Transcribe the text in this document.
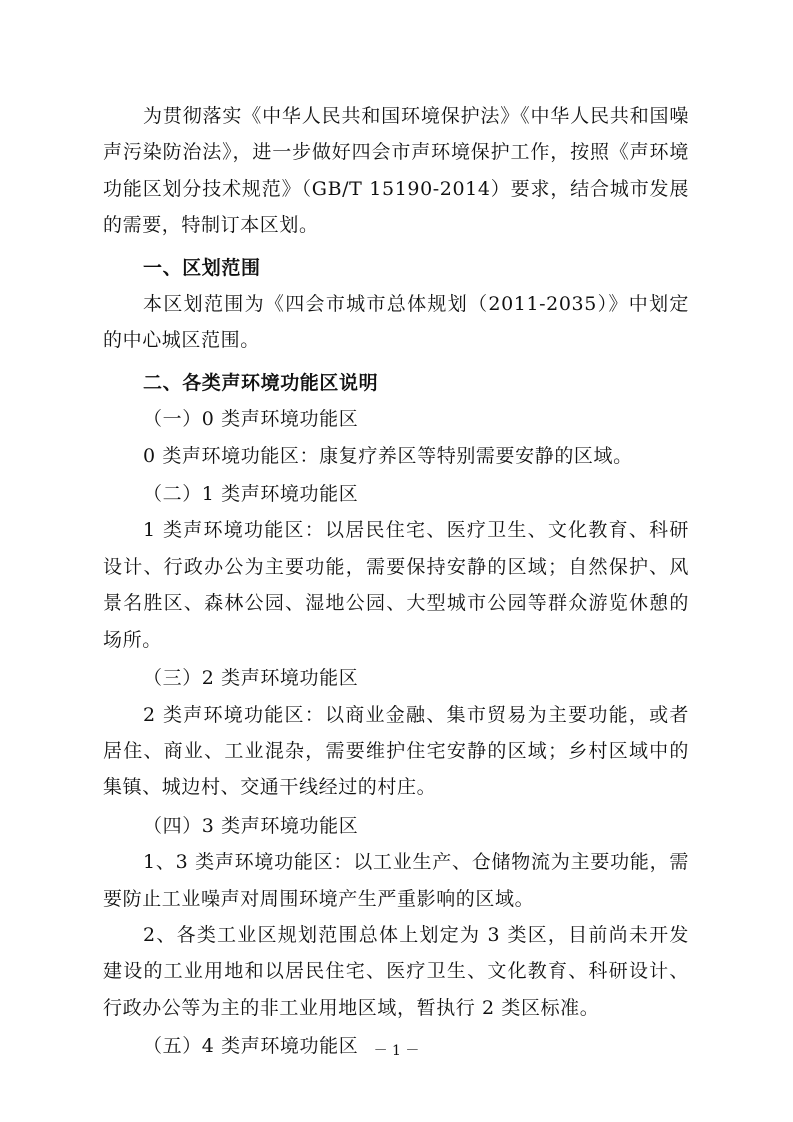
为贯彻落实《中华人民共和国环境保护法》《中华人民共和国噪声污染防治法》，进一步做好四会市声环境保护工作，按照《声环境功能区划分技术规范》（GB/T 15190-2014）要求，结合城市发展的需要，特制订本区划。

一、区划范围

本区划范围为《四会市城市总体规划（2011-2035）》中划定的中心城区范围。

二、各类声环境功能区说明

（一）0 类声环境功能区

0 类声环境功能区：康复疗养区等特别需要安静的区域。

（二）1 类声环境功能区

1 类声环境功能区：以居民住宅、医疗卫生、文化教育、科研设计、行政办公为主要功能，需要保持安静的区域；自然保护、风景名胜区、森林公园、湿地公园、大型城市公园等群众游览休憩的场所。

（三）2 类声环境功能区

2 类声环境功能区：以商业金融、集市贸易为主要功能，或者居住、商业、工业混杂，需要维护住宅安静的区域；乡村区域中的集镇、城边村、交通干线经过的村庄。

（四）3 类声环境功能区

1、3 类声环境功能区：以工业生产、仓储物流为主要功能，需要防止工业噪声对周围环境产生严重影响的区域。

2、各类工业区规划范围总体上划定为 3 类区，目前尚未开发建设的工业用地和以居民住宅、医疗卫生、文化教育、科研设计、行政办公等为主的非工业用地区域，暂执行 2 类区标准。

（五）4 类声环境功能区	－ 1 －
